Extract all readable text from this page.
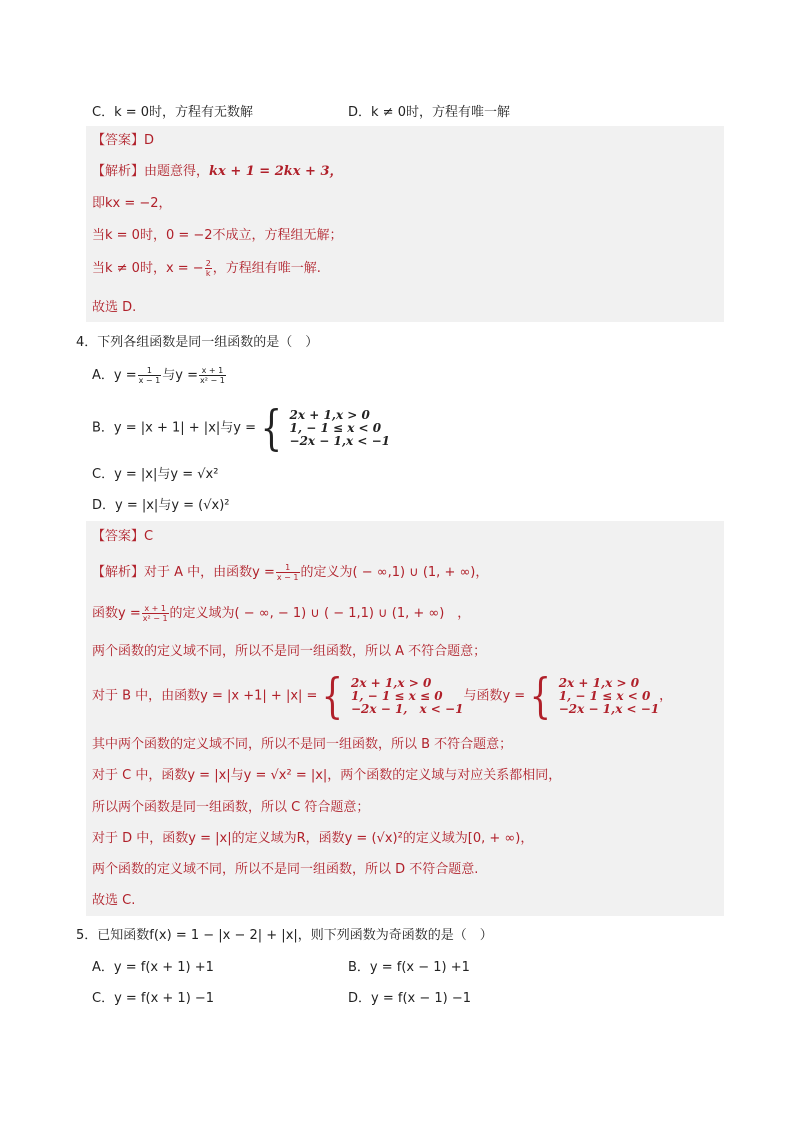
C．k = 0时，方程有无数解	D．k ≠ 0时，方程有唯一解
【答案】D
【解析】由题意得，kx + 1 = 2kx + 3，
即kx = −2，
当k = 0时，0 = −2不成立，方程组无解；
当k ≠ 0时，x = − $\frac{2}{k}$ ，方程组有唯一解.
故选 D.
4．下列各组函数是同一组函数的是（　）
A．$y = \frac{1}{x - 1}$ 与$y = \frac{x + 1}{\text{x² − 1}}$
B．y = |x + 1| + |x|与y = { 2x + 1,x > 0
1, − 1 ≤ x < 0
−2x − 1,x < −1
C．y = |x|与y = √x²
D．y = |x|与y = (√x)²
【答案】C
【解析】对于 A 中，由函数$y = \frac{1}{x - 1}$ 的定义为( − ∞,1) ∪ (1, + ∞)，
函数$y = \frac{x + 1}{\text{x² − 1}}$ 的定义域为( − ∞, − 1) ∪ ( − 1,1) ∪ (1, + ∞)　，
两个函数的定义域不同，所以不是同一组函数，所以 A 不符合题意；
对于 B 中，由函数y = |x +1| + |x| = { 2x + 1,x > 0
1, − 1 ≤ x ≤ 0
−2x − 1,　x < −1
与函数y = { 2x + 1,x > 0
1, − 1 ≤ x < 0
−2x − 1,x < −1
，
其中两个函数的定义域不同，所以不是同一组函数，所以 B 不符合题意；
对于 C 中，函数y = |x|与y = √x² = |x|，两个函数的定义域与对应关系都相同，
所以两个函数是同一组函数，所以 C 符合题意；
对于 D 中，函数y = |x|的定义域为R，函数y = (√x)²的定义域为[0, + ∞)，
两个函数的定义域不同，所以不是同一组函数，所以 D 不符合题意.
故选 C.
5．已知函数f(x) = 1 − |x − 2| + |x|，则下列函数为奇函数的是（　）
A．y = f(x + 1) +1	B．y = f(x − 1) +1
C．y = f(x + 1) −1	D．y = f(x − 1) −1
